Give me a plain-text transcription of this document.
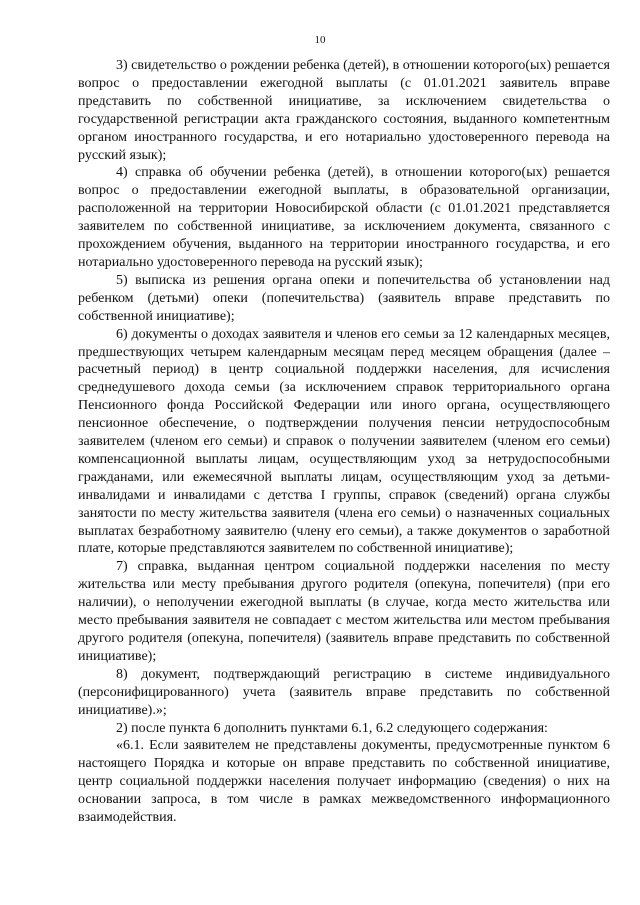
10

3) свидетельство о рождении ребенка (детей), в отношении которого(ых) решается вопрос о предоставлении ежегодной выплаты (с 01.01.2021 заявитель вправе представить по собственной инициативе, за исключением свидетельства о государственной регистрации акта гражданского состояния, выданного компетентным органом иностранного государства, и его нотариально удостоверенного перевода на русский язык);

4) справка об обучении ребенка (детей), в отношении которого(ых) решается вопрос о предоставлении ежегодной выплаты, в образовательной организации, расположенной на территории Новосибирской области (с 01.01.2021 представляется заявителем по собственной инициативе, за исключением документа, связанного с прохождением обучения, выданного на территории иностранного государства, и его нотариально удостоверенного перевода на русский язык);

5) выписка из решения органа опеки и попечительства об установлении над ребенком (детьми) опеки (попечительства) (заявитель вправе представить по собственной инициативе);

6) документы о доходах заявителя и членов его семьи за 12 календарных месяцев, предшествующих четырем календарным месяцам перед месяцем обращения (далее – расчетный период) в центр социальной поддержки населения, для исчисления среднедушевого дохода семьи (за исключением справок территориального органа Пенсионного фонда Российской Федерации или иного органа, осуществляющего пенсионное обеспечение, о подтверждении получения пенсии нетрудоспособным заявителем (членом его семьи) и справок о получении заявителем (членом его семьи) компенсационной выплаты лицам, осуществляющим уход за нетрудоспособными гражданами, или ежемесячной выплаты лицам, осуществляющим уход за детьми-инвалидами и инвалидами с детства I группы, справок (сведений) органа службы занятости по месту жительства заявителя (члена его семьи) о назначенных социальных выплатах безработному заявителю (члену его семьи), а также документов о заработной плате, которые представляются заявителем по собственной инициативе);

7) справка, выданная центром социальной поддержки населения по месту жительства или месту пребывания другого родителя (опекуна, попечителя) (при его наличии), о неполучении ежегодной выплаты (в случае, когда место жительства или место пребывания заявителя не совпадает с местом жительства или местом пребывания другого родителя (опекуна, попечителя) (заявитель вправе представить по собственной инициативе);

8) документ, подтверждающий регистрацию в системе индивидуального (персонифицированного) учета (заявитель вправе представить по собственной инициативе).»;

2) после пункта 6 дополнить пунктами 6.1, 6.2 следующего содержания:

«6.1. Если заявителем не представлены документы, предусмотренные пунктом 6 настоящего Порядка и которые он вправе представить по собственной инициативе, центр социальной поддержки населения получает информацию (сведения) о них на основании запроса, в том числе в рамках межведомственного информационного взаимодействия.
